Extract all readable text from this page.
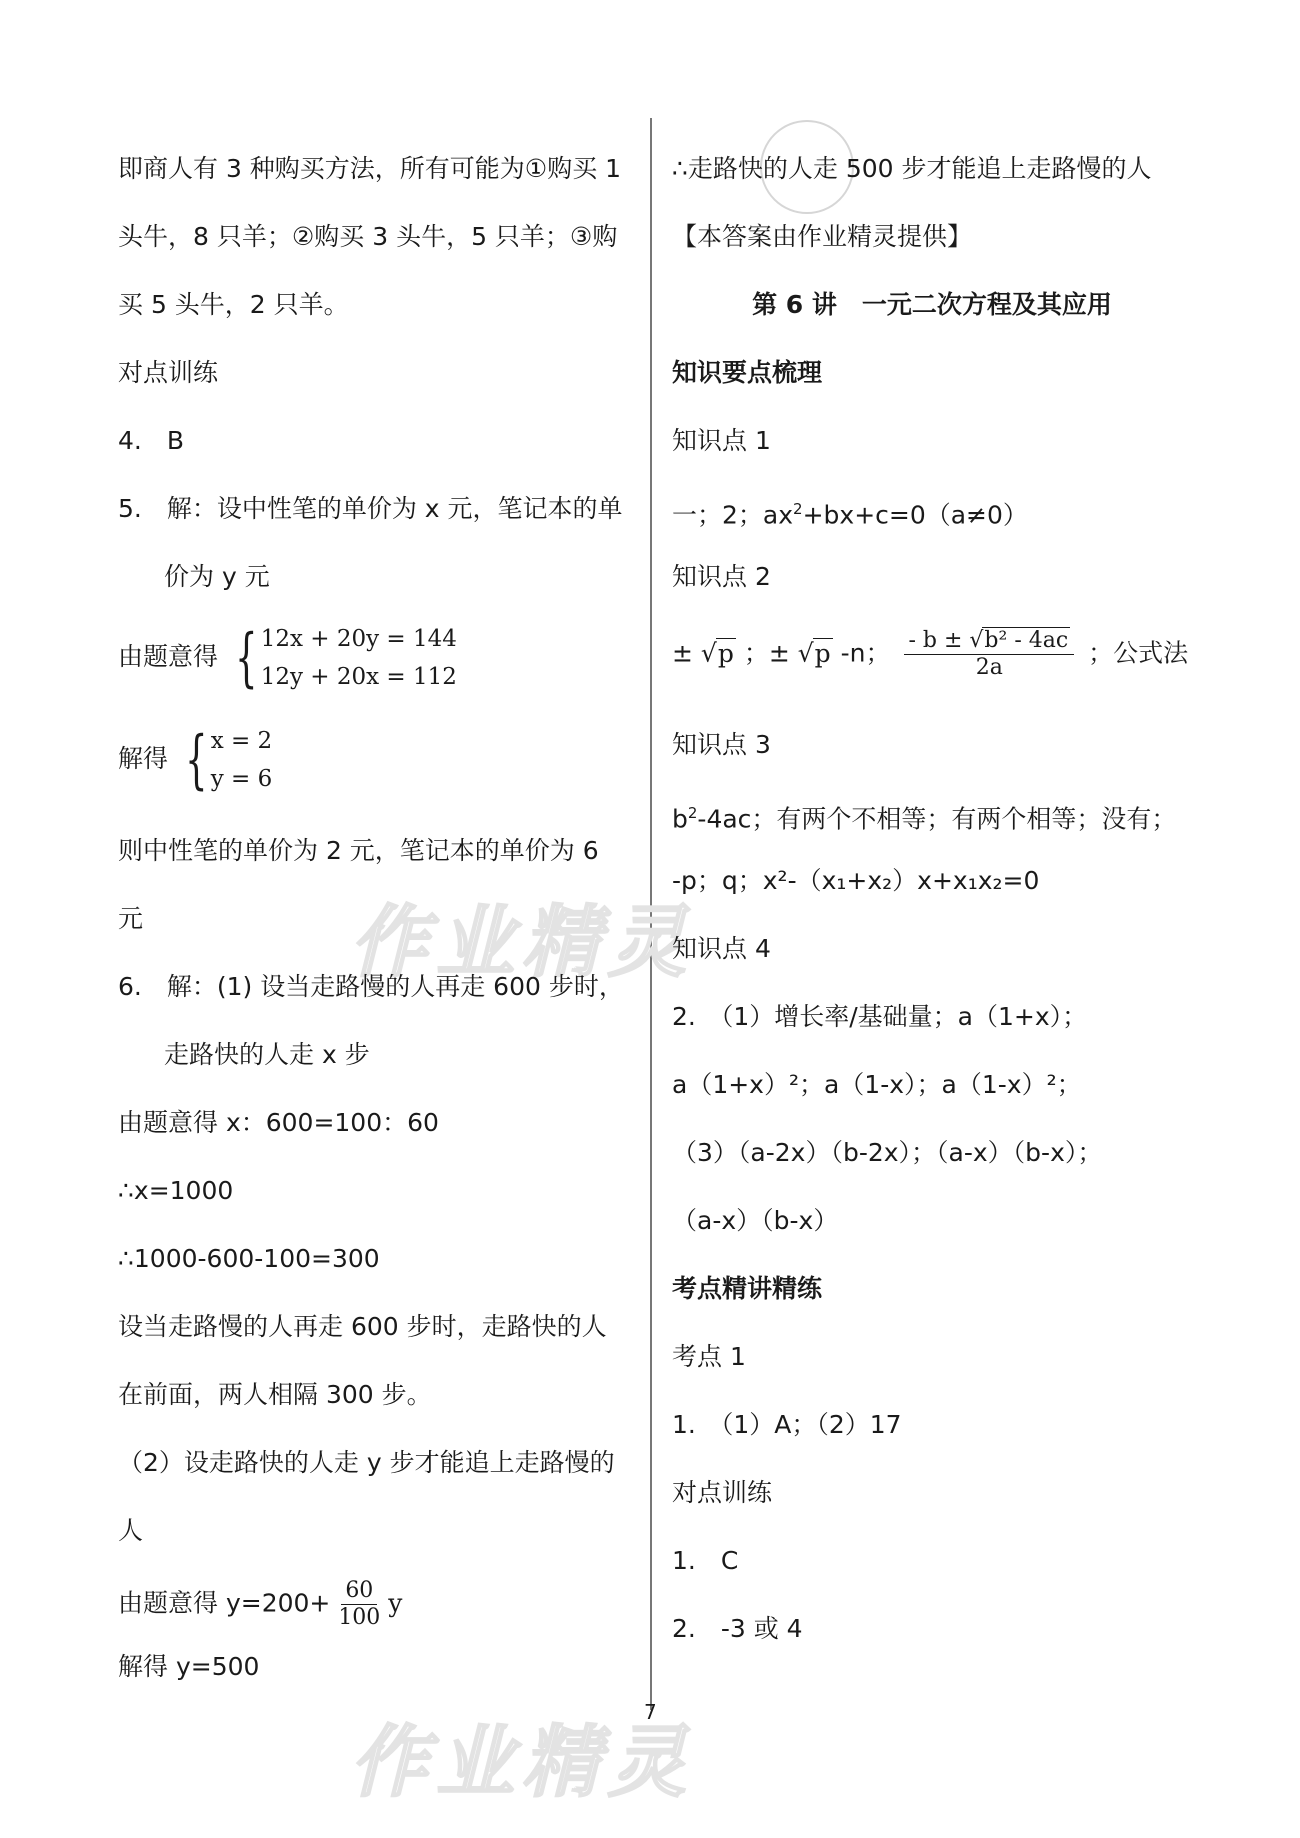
作业精灵
作业精灵
即商人有 3 种购买方法，所有可能为①购买 1
头牛，8 只羊；②购买 3 头牛，5 只羊；③购
买 5 头牛，2 只羊。
对点训练
4.　B
5.　解：设中性笔的单价为 x 元，笔记本的单
价为 y 元
由题意得 { 12x + 20y = 144
12y + 20x = 112
解得 { x = 2
y = 6
则中性笔的单价为 2 元，笔记本的单价为 6
元
6.　解：(1) 设当走路慢的人再走 600 步时，
走路快的人走 x 步
由题意得 x：600=100：60
∴x=1000
∴1000-600-100=300
设当走路慢的人再走 600 步时，走路快的人
在前面，两人相隔 300 步。
（2）设走路快的人走 y 步才能追上走路慢的
人
由题意得 $y=200+ \frac{60}{100}$ y
解得 y=500
∴走路快的人走 500 步才能追上走路慢的人
【本答案由作业精灵提供】
第 6 讲　一元二次方程及其应用
知识要点梳理
知识点 1
一；2；$ax^2+bx+c=0(a\ne 0)$
知识点 2
± √p ；± √p -n； $\frac{\text{- b ± √b² - 4ac}}{2a}$ ；公式法
知识点 3
$b^2-4ac$；有两个不相等；有两个相等；没有；
-p；q；x²-（x₁+x₂）x+x₁x₂=0
知识点 4
2.　（1）增长率/基础量；a（1+x）；
a（1+x）²；a（1-x）；a（1-x）²；
（3）（a-2x）（b-2x）；（a-x）（b-x）；
（a-x）（b-x）
考点精讲精练
考点 1
1.　（1）A；（2）17
对点训练
1.　C
2.　-3 或 4
7
